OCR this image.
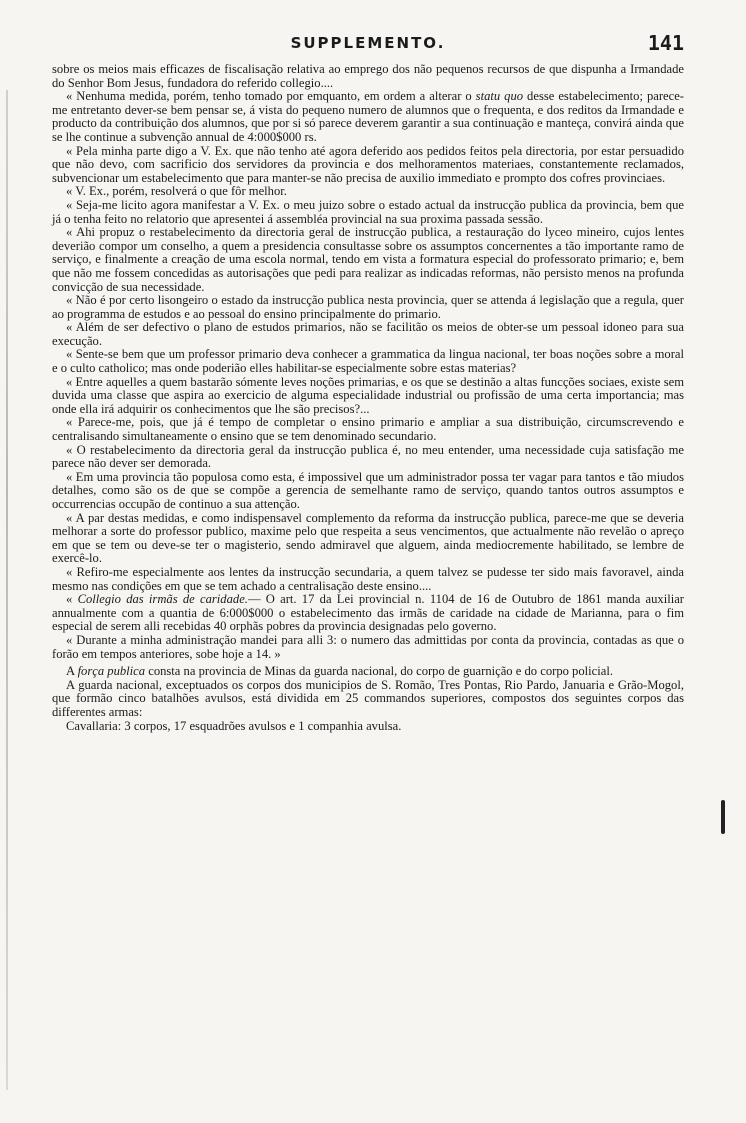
SUPPLEMENTO.	141

sobre os meios mais efficazes de fiscalisação relativa ao emprego dos não pequenos recursos de que dispunha a Irmandade do Senhor Bom Jesus, fundadora do referido collegio....

« Nenhuma medida, porém, tenho tomado por emquanto, em ordem a alterar o statu quo desse estabelecimento; parece-me entretanto dever-se bem pensar se, á vista do pequeno numero de alumnos que o frequenta, e dos reditos da Irmandade e producto da contribuição dos alumnos, que por si só parece deverem garantir a sua continuação e manteça, convirá ainda que se lhe continue a subvenção annual de 4:000$000 rs.

« Pela minha parte digo a V. Ex. que não tenho até agora deferido aos pedidos feitos pela directoria, por estar persuadido que não devo, com sacrificio dos servidores da provincia e dos melhoramentos materiaes, constantemente reclamados, subvencionar um estabelecimento que para manter-se não precisa de auxilio immediato e prompto dos cofres provinciaes.

« V. Ex., porém, resolverá o que fôr melhor.

« Seja-me licito agora manifestar a V. Ex. o meu juizo sobre o estado actual da instrucção publica da provincia, bem que já o tenha feito no relatorio que apresentei á assembléa provincial na sua proxima passada sessão.

« Ahi propuz o restabelecimento da directoria geral de instrucção publica, a restauração do lyceo mineiro, cujos lentes deverião compor um conselho, a quem a presidencia consultasse sobre os assumptos concernentes a tão importante ramo de serviço, e finalmente a creação de uma escola normal, tendo em vista a formatura especial do professorato primario; e, bem que não me fossem concedidas as autorisações que pedi para realizar as indicadas reformas, não persisto menos na profunda convicção de sua necessidade.

« Não é por certo lisongeiro o estado da instrucção publica nesta provincia, quer se attenda á legislação que a regula, quer ao programma de estudos e ao pessoal do ensino principalmente do primario.

« Além de ser defectivo o plano de estudos primarios, não se facilitão os meios de obter-se um pessoal idoneo para sua execução.

« Sente-se bem que um professor primario deva conhecer a grammatica da lingua nacional, ter boas noções sobre a moral e o culto catholico; mas onde poderião elles habilitar-se especialmente sobre estas materias?

« Entre aquelles a quem bastarão sómente leves noções primarias, e os que se destinão a altas funcções sociaes, existe sem duvida uma classe que aspira ao exercicio de alguma especialidade industrial ou profissão de uma certa importancia; mas onde ella irá adquirir os conhecimentos que lhe são precisos?...

« Parece-me, pois, que já é tempo de completar o ensino primario e ampliar a sua distribuição, circumscrevendo e centralisando simultaneamente o ensino que se tem denominado secundario.

« O restabelecimento da directoria geral da instrucção publica é, no meu entender, uma necessidade cuja satisfação me parece não dever ser demorada.

« Em uma provincia tão populosa como esta, é impossivel que um administrador possa ter vagar para tantos e tão miudos detalhes, como são os de que se compõe a gerencia de semelhante ramo de serviço, quando tantos outros assumptos e occurrencias occupão de continuo a sua attenção.

« A par destas medidas, e como indispensavel complemento da reforma da instrucção publica, parece-me que se deveria melhorar a sorte do professor publico, maxime pelo que respeita a seus vencimentos, que actualmente não revelão o apreço em que se tem ou deve-se ter o magisterio, sendo admiravel que alguem, ainda mediocremente habilitado, se lembre de exercê-lo.

« Refiro-me especialmente aos lentes da instrucção secundaria, a quem talvez se pudesse ter sido mais favoravel, ainda mesmo nas condições em que se tem achado a centralisação deste ensino....

« Collegio das irmãs de caridade.— O art. 17 da Lei provincial n. 1104 de 16 de Outubro de 1861 manda auxiliar annualmente com a quantia de 6:000$000 o estabelecimento das irmãs de caridade na cidade de Marianna, para o fim especial de serem alli recebidas 40 orphãs pobres da provincia designadas pelo governo.

« Durante a minha administração mandei para alli 3: o numero das admittidas por conta da provincia, contadas as que o forão em tempos anteriores, sobe hoje a 14. »

A força publica consta na provincia de Minas da guarda nacional, do corpo de guarnição e do corpo policial.

A guarda nacional, exceptuados os corpos dos municipios de S. Romão, Tres Pontas, Rio Pardo, Januaria e Grão-Mogol, que formão cinco batalhões avulsos, está dividida em 25 commandos superiores, compostos dos seguintes corpos das differentes armas:

Cavallaria: 3 corpos, 17 esquadrões avulsos e 1 companhia avulsa.
